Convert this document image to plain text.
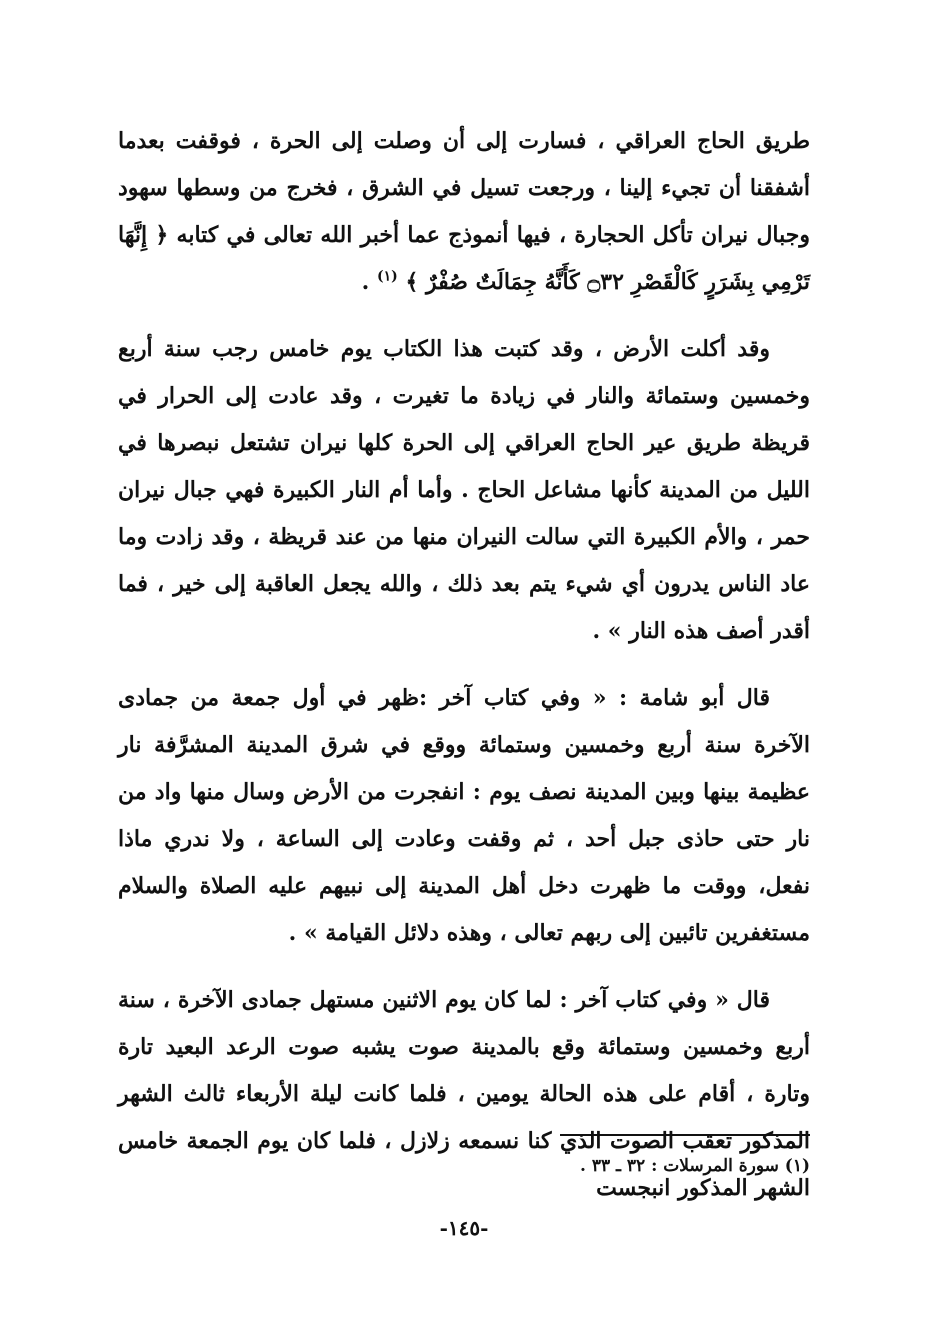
طريق الحاج العراقي ، فسارت إلى أن وصلت إلى الحرة ، فوقفت بعدما أشفقنا أن تجيء إلينا ، ورجعت تسيل في الشرق ، فخرج من وسطها سهود وجبال نيران تأكل الحجارة ، فيها أنموذج عما أخبر الله تعالى في كتابه ﴿ إِنَّهَا تَرْمِي بِشَرَرٍ كَالْقَصْرِ ۝٣٢ كَأَنَّهُ جِمَالَتٌ صُفْرٌ ﴾ $^{(١)}$ .

وقد أكلت الأرض ، وقد كتبت هذا الكتاب يوم خامس رجب سنة أربع وخمسين وستمائة والنار في زيادة ما تغيرت ، وقد عادت إلى الحرار في قريظة طريق عير الحاج العراقي إلى الحرة كلها نيران تشتعل نبصرها في الليل من المدينة كأنها مشاعل الحاج . وأما أم النار الكبيرة فهي جبال نيران حمر ، والأم الكبيرة التي سالت النيران منها من عند قريظة ، وقد زادت وما عاد الناس يدرون أي شيء يتم بعد ذلك ، والله يجعل العاقبة إلى خير ، فما أقدر أصف هذه النار » .

قال أبو شامة : « وفي كتاب آخر :ظهر في أول جمعة من جمادى الآخرة سنة أربع وخمسين وستمائة ووقع في شرق المدينة المشرَّفة نار عظيمة بينها وبين المدينة نصف يوم : انفجرت من الأرض وسال منها واد من نار حتى حاذى جبل أحد ، ثم وقفت وعادت إلى الساعة ، ولا ندري ماذا نفعل، ووقت ما ظهرت دخل أهل المدينة إلى نبيهم عليه الصلاة والسلام مستغفرين تائبين إلى ربهم تعالى ، وهذه دلائل القيامة » .

قال « وفي كتاب آخر : لما كان يوم الاثنين مستهل جمادى الآخرة ، سنة أربع وخمسين وستمائة وقع بالمدينة صوت يشبه صوت الرعد البعيد تارة وتارة ، أقام على هذه الحالة يومين ، فلما كانت ليلة الأربعاء ثالث الشهر المذكور تعقب الصوت الذي كنا نسمعه زلازل ، فلما كان يوم الجمعة خامس الشهر المذكور انبجست

(١) سورة المرسلات : ٣٢ ـ ٣٣ .

-١٤٥-
